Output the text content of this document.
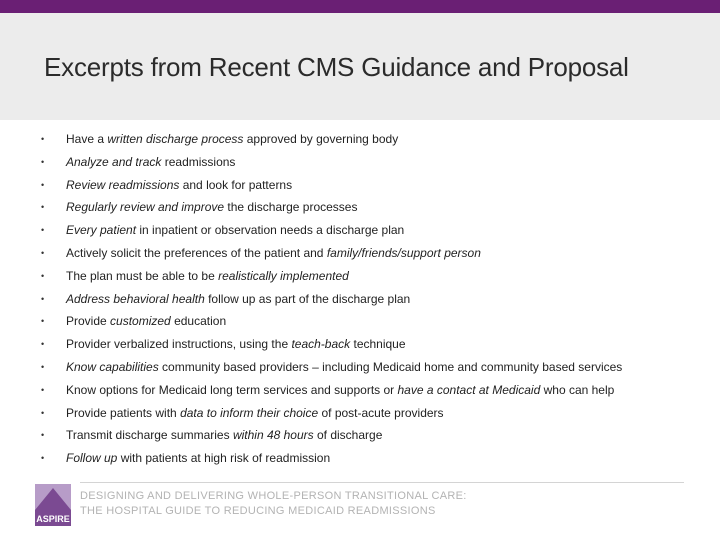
Excerpts from Recent CMS Guidance and Proposal
• Have a written discharge process approved by governing body
• Analyze and track readmissions
• Review readmissions and look for patterns
• Regularly review and improve the discharge processes
• Every patient in inpatient or observation needs a discharge plan
• Actively solicit the preferences of the patient and family/friends/support person
• The plan must be able to be realistically implemented
• Address behavioral health follow up as part of the discharge plan
• Provide customized education
• Provider verbalized instructions, using the teach-back technique
• Know capabilities community based providers – including Medicaid home and community based services
• Know options for Medicaid long term services and supports or have a contact at Medicaid who can help
• Provide patients with data to inform their choice of post-acute providers
• Transmit discharge summaries within 48 hours of discharge
• Follow up with patients at high risk of readmission
ASPIRE
DESIGNING AND DELIVERING WHOLE-PERSON TRANSITIONAL CARE:
THE HOSPITAL GUIDE TO REDUCING MEDICAID READMISSIONS
